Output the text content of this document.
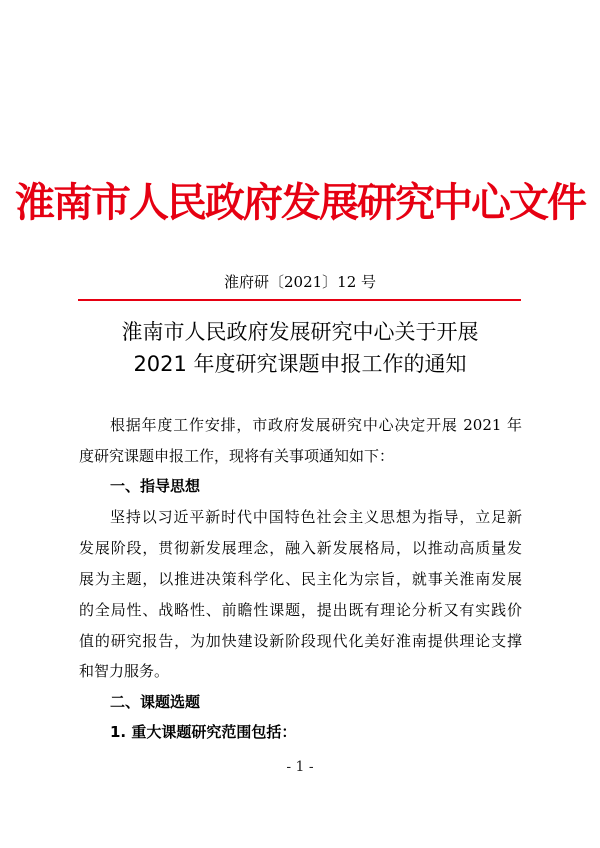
淮南市人民政府发展研究中心文件
淮府研〔2021〕12 号
淮南市人民政府发展研究中心关于开展
2021 年度研究课题申报工作的通知
根据年度工作安排，市政府发展研究中心决定开展 2021 年
度研究课题申报工作，现将有关事项通知如下：
一、指导思想
坚持以习近平新时代中国特色社会主义思想为指导，立足新
发展阶段，贯彻新发展理念，融入新发展格局，以推动高质量发
展为主题，以推进决策科学化、民主化为宗旨，就事关淮南发展
的全局性、战略性、前瞻性课题，提出既有理论分析又有实践价
值的研究报告，为加快建设新阶段现代化美好淮南提供理论支撑
和智力服务。
二、课题选题
1. 重大课题研究范围包括：
- 1 -
